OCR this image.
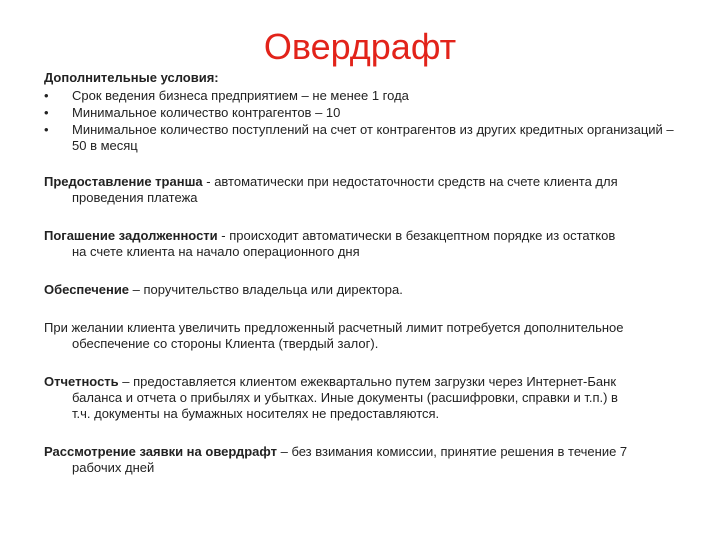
Овердрафт

Дополнительные условия:

• Срок ведения бизнеса предприятием – не менее 1 года
• Минимальное количество контрагентов – 10
• Минимальное количество поступлений на счет от контрагентов из других кредитных организаций – 50 в месяц

Предоставление транша - автоматически при недостаточности средств на счете клиента для
проведения платежа

Погашение задолженности - происходит автоматически в безакцептном порядке из остатков
на счете клиента на начало операционного дня

Обеспечение – поручительство владельца или директора.

При желании клиента увеличить предложенный расчетный лимит потребуется дополнительное
обеспечение со стороны Клиента (твердый залог).

Отчетность – предоставляется клиентом ежеквартально путем загрузки через Интернет-Банк
баланса и отчета о прибылях и убытках. Иные документы (расшифровки, справки и т.п.) в
т.ч. документы на бумажных носителях не предоставляются.

Рассмотрение заявки на овердрафт – без взимания комиссии, принятие решения в течение 7
рабочих дней
